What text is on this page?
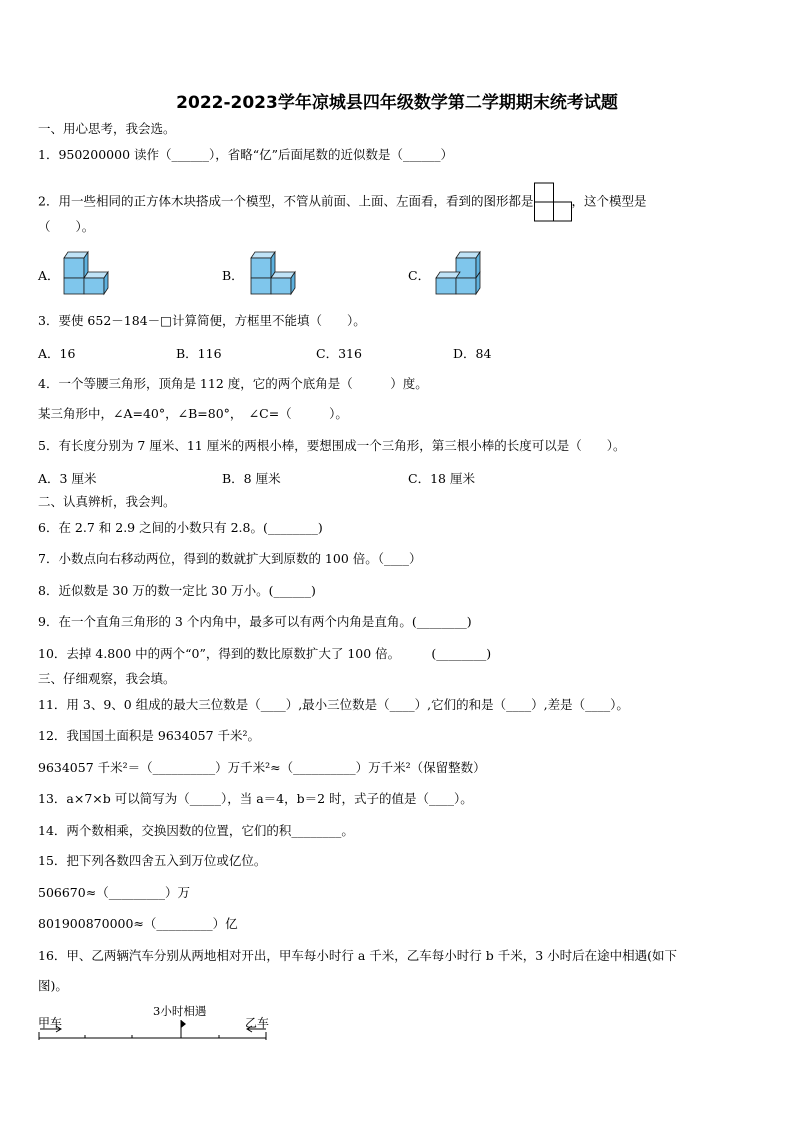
2022-2023学年凉城县四年级数学第二学期期末统考试题
一、用心思考，我会选。
1．950200000 读作（______），省略“亿”后面尾数的近似数是（______）
2．用一些相同的正方体木块搭成一个模型，不管从前面、上面、左面看，看到的图形都是	，这个模型是
（　　）。
A．	B．	C．
3．要使 652－184－□计算简便，方框里不能填（　　）。
A．16	B．116	C．316	D．84
4．一个等腰三角形，顶角是 112 度，它的两个底角是（　　　）度。
某三角形中，∠A=40°，∠B=80°，　∠C=（　　　）。
5．有长度分别为 7 厘米、11 厘米的两根小棒，要想围成一个三角形，第三根小棒的长度可以是（　　）。
A．3 厘米	B．8 厘米	C．18 厘米
二、认真辨析，我会判。
6．在 2.7 和 2.9 之间的小数只有 2.8。(________)
7．小数点向右移动两位，得到的数就扩大到原数的 100 倍。（____）
8．近似数是 30 万的数一定比 30 万小。(______)
9．在一个直角三角形的 3 个内角中，最多可以有两个内角是直角。(________)
10．去掉 4.800 中的两个“0”，得到的数比原数扩大了 100 倍。　　　(________)
三、仔细观察，我会填。
11．用 3、9、0 组成的最大三位数是（____）,最小三位数是（____）,它们的和是（____）,差是（____）。
12．我国国土面积是 9634057 千米²。
9634057 千米²＝（__________）万千米²≈（__________）万千米²（保留整数）
13．a×7×b 可以简写为（_____），当 a＝4，b＝2 时，式子的值是（____）。
14．两个数相乘，交换因数的位置，它们的积________。
15．把下列各数四舍五入到万位或亿位。
506670≈（_________）万
801900870000≈（_________）亿
16．甲、乙两辆汽车分别从两地相对开出，甲车每小时行 a 千米，乙车每小时行 b 千米，3 小时后在途中相遇(如下
图)。
甲车
3小时相遇
乙车
